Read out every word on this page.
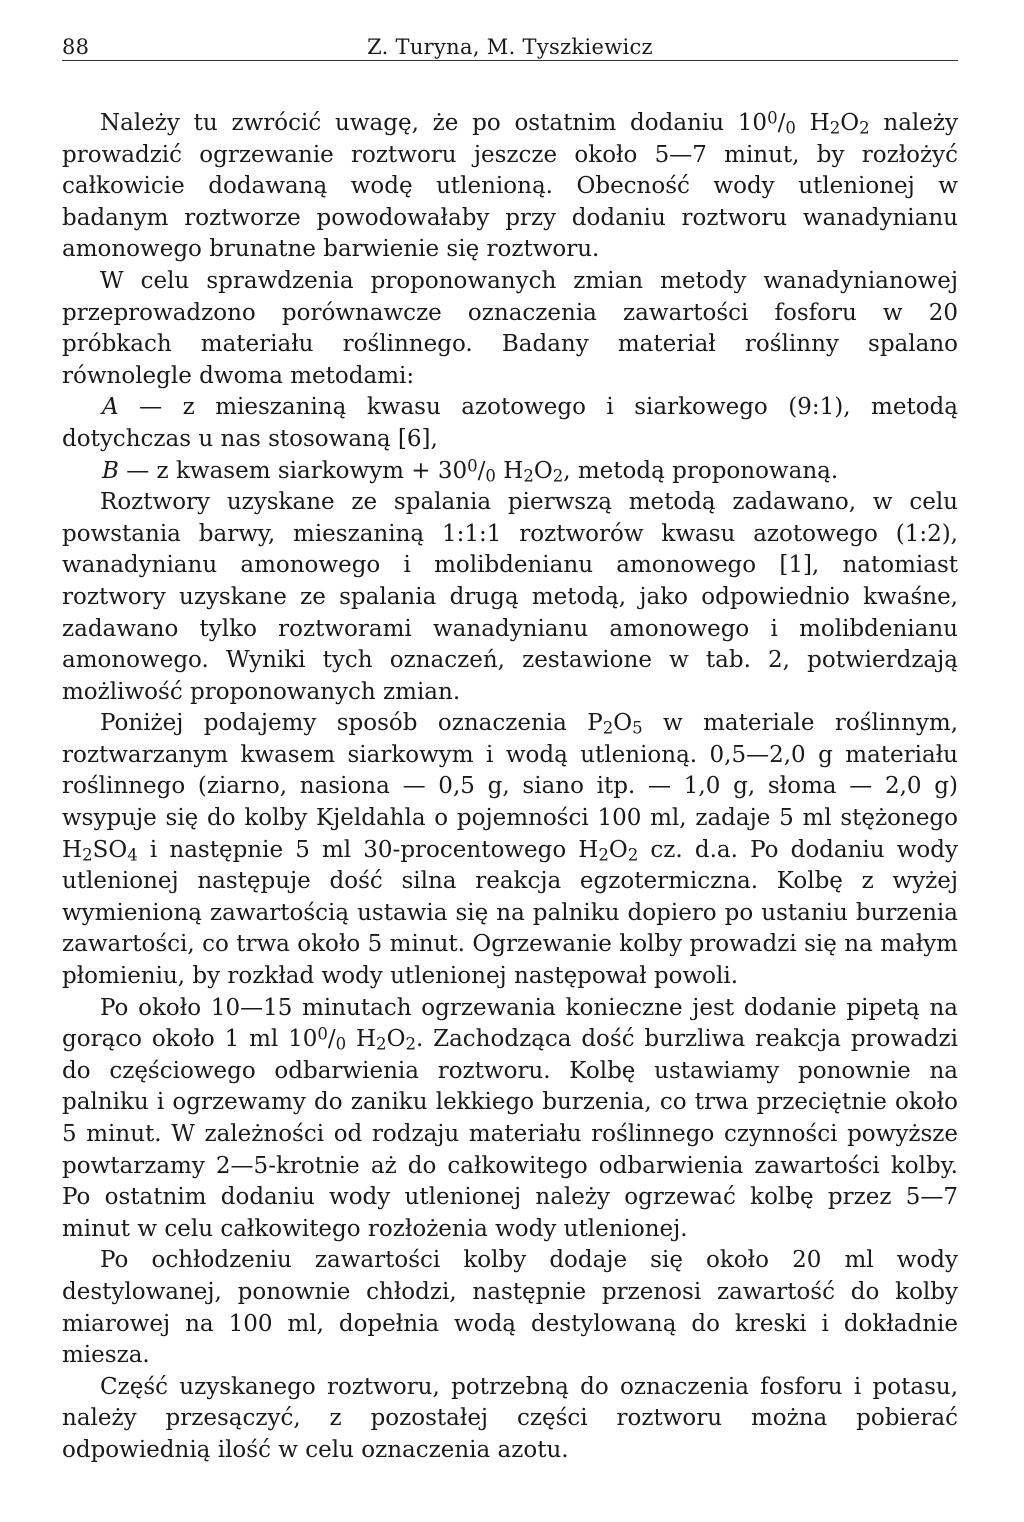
88	Z. Turyna, M. Tyszkiewicz

Należy tu zwrócić uwagę, że po ostatnim dodaniu $10^0/_0$ $H_2O_2$ należy prowadzić ogrzewanie roztworu jeszcze około 5—7 minut, by rozłożyć całkowicie dodawaną wodę utlenioną. Obecność wody utlenionej w badanym roztworze powodowałaby przy dodaniu roztworu wanadynianu amonowego brunatne barwienie się roztworu.

W celu sprawdzenia proponowanych zmian metody wanadynianowej przeprowadzono porównawcze oznaczenia zawartości fosforu w 20 próbkach materiału roślinnego. Badany materiał roślinny spalano równolegle dwoma metodami:

A — z mieszaniną kwasu azotowego i siarkowego (9:1), metodą dotychczas u nas stosowaną [6],

B — z kwasem siarkowym + $30^0/_0$ $H_2O_2$, metodą proponowaną.

Roztwory uzyskane ze spalania pierwszą metodą zadawano, w celu powstania barwy, mieszaniną 1:1:1 roztworów kwasu azotowego (1:2), wanadynianu amonowego i molibdenianu amonowego [1], natomiast roztwory uzyskane ze spalania drugą metodą, jako odpowiednio kwaśne, zadawano tylko roztworami wanadynianu amonowego i molibdenianu amonowego. Wyniki tych oznaczeń, zestawione w tab. 2, potwierdzają możliwość proponowanych zmian.

Poniżej podajemy sposób oznaczenia $P_2O_5$ w materiale roślinnym, roztwarzanym kwasem siarkowym i wodą utlenioną. 0,5—2,0 g materiału roślinnego (ziarno, nasiona — 0,5 g, siano itp. — 1,0 g, słoma — 2,0 g) wsypuje się do kolby Kjeldahla o pojemności 100 ml, zadaje 5 ml stężonego $H_2SO_4$ i następnie 5 ml 30-procentowego $H_2O_2$ cz. d.a. Po dodaniu wody utlenionej następuje dość silna reakcja egzotermiczna. Kolbę z wyżej wymienioną zawartością ustawia się na palniku dopiero po ustaniu burzenia zawartości, co trwa około 5 minut. Ogrzewanie kolby prowadzi się na małym płomieniu, by rozkład wody utlenionej następował powoli.

Po około 10—15 minutach ogrzewania konieczne jest dodanie pipetą na gorąco około 1 ml $10^0/_0$ $H_2O_2$. Zachodząca dość burzliwa reakcja prowadzi do częściowego odbarwienia roztworu. Kolbę ustawiamy ponownie na palniku i ogrzewamy do zaniku lekkiego burzenia, co trwa przeciętnie około 5 minut. W zależności od rodzaju materiału roślinnego czynności powyższe powtarzamy 2—5-krotnie aż do całkowitego odbarwienia zawartości kolby. Po ostatnim dodaniu wody utlenionej należy ogrzewać kolbę przez 5—7 minut w celu całkowitego rozłożenia wody utlenionej.

Po ochłodzeniu zawartości kolby dodaje się około 20 ml wody destylowanej, ponownie chłodzi, następnie przenosi zawartość do kolby miarowej na 100 ml, dopełnia wodą destylowaną do kreski i dokładnie miesza.

Część uzyskanego roztworu, potrzebną do oznaczenia fosforu i potasu, należy przesączyć, z pozostałej części roztworu można pobierać odpowiednią ilość w celu oznaczenia azotu.
